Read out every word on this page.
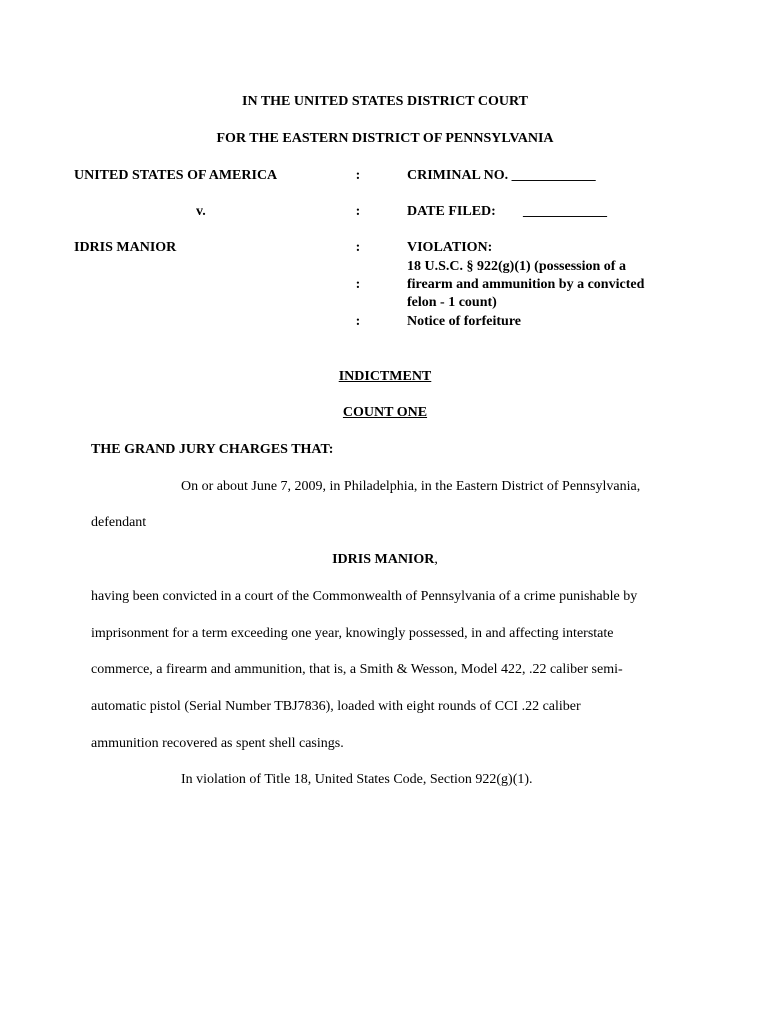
IN THE UNITED STATES DISTRICT COURT
FOR THE EASTERN DISTRICT OF PENNSYLVANIA
UNITED STATES OF AMERICA
v.
IDRIS MANIOR
:
:
:
:
:
CRIMINAL NO. ____________
DATE FILED: ____________
VIOLATION:
18 U.S.C. § 922(g)(1) (possession of a
firearm and ammunition by a convicted
felon - 1 count)
Notice of forfeiture
INDICTMENT
COUNT ONE
THE GRAND JURY CHARGES THAT:
On or about June 7, 2009, in Philadelphia, in the Eastern District of Pennsylvania,
defendant
IDRIS MANIOR,
having been convicted in a court of the Commonwealth of Pennsylvania of a crime punishable by
imprisonment for a term exceeding one year, knowingly possessed, in and affecting interstate
commerce, a firearm and ammunition, that is, a Smith & Wesson, Model 422, .22 caliber semi-
automatic pistol (Serial Number TBJ7836), loaded with eight rounds of CCI .22 caliber
ammunition recovered as spent shell casings.
In violation of Title 18, United States Code, Section 922(g)(1).
